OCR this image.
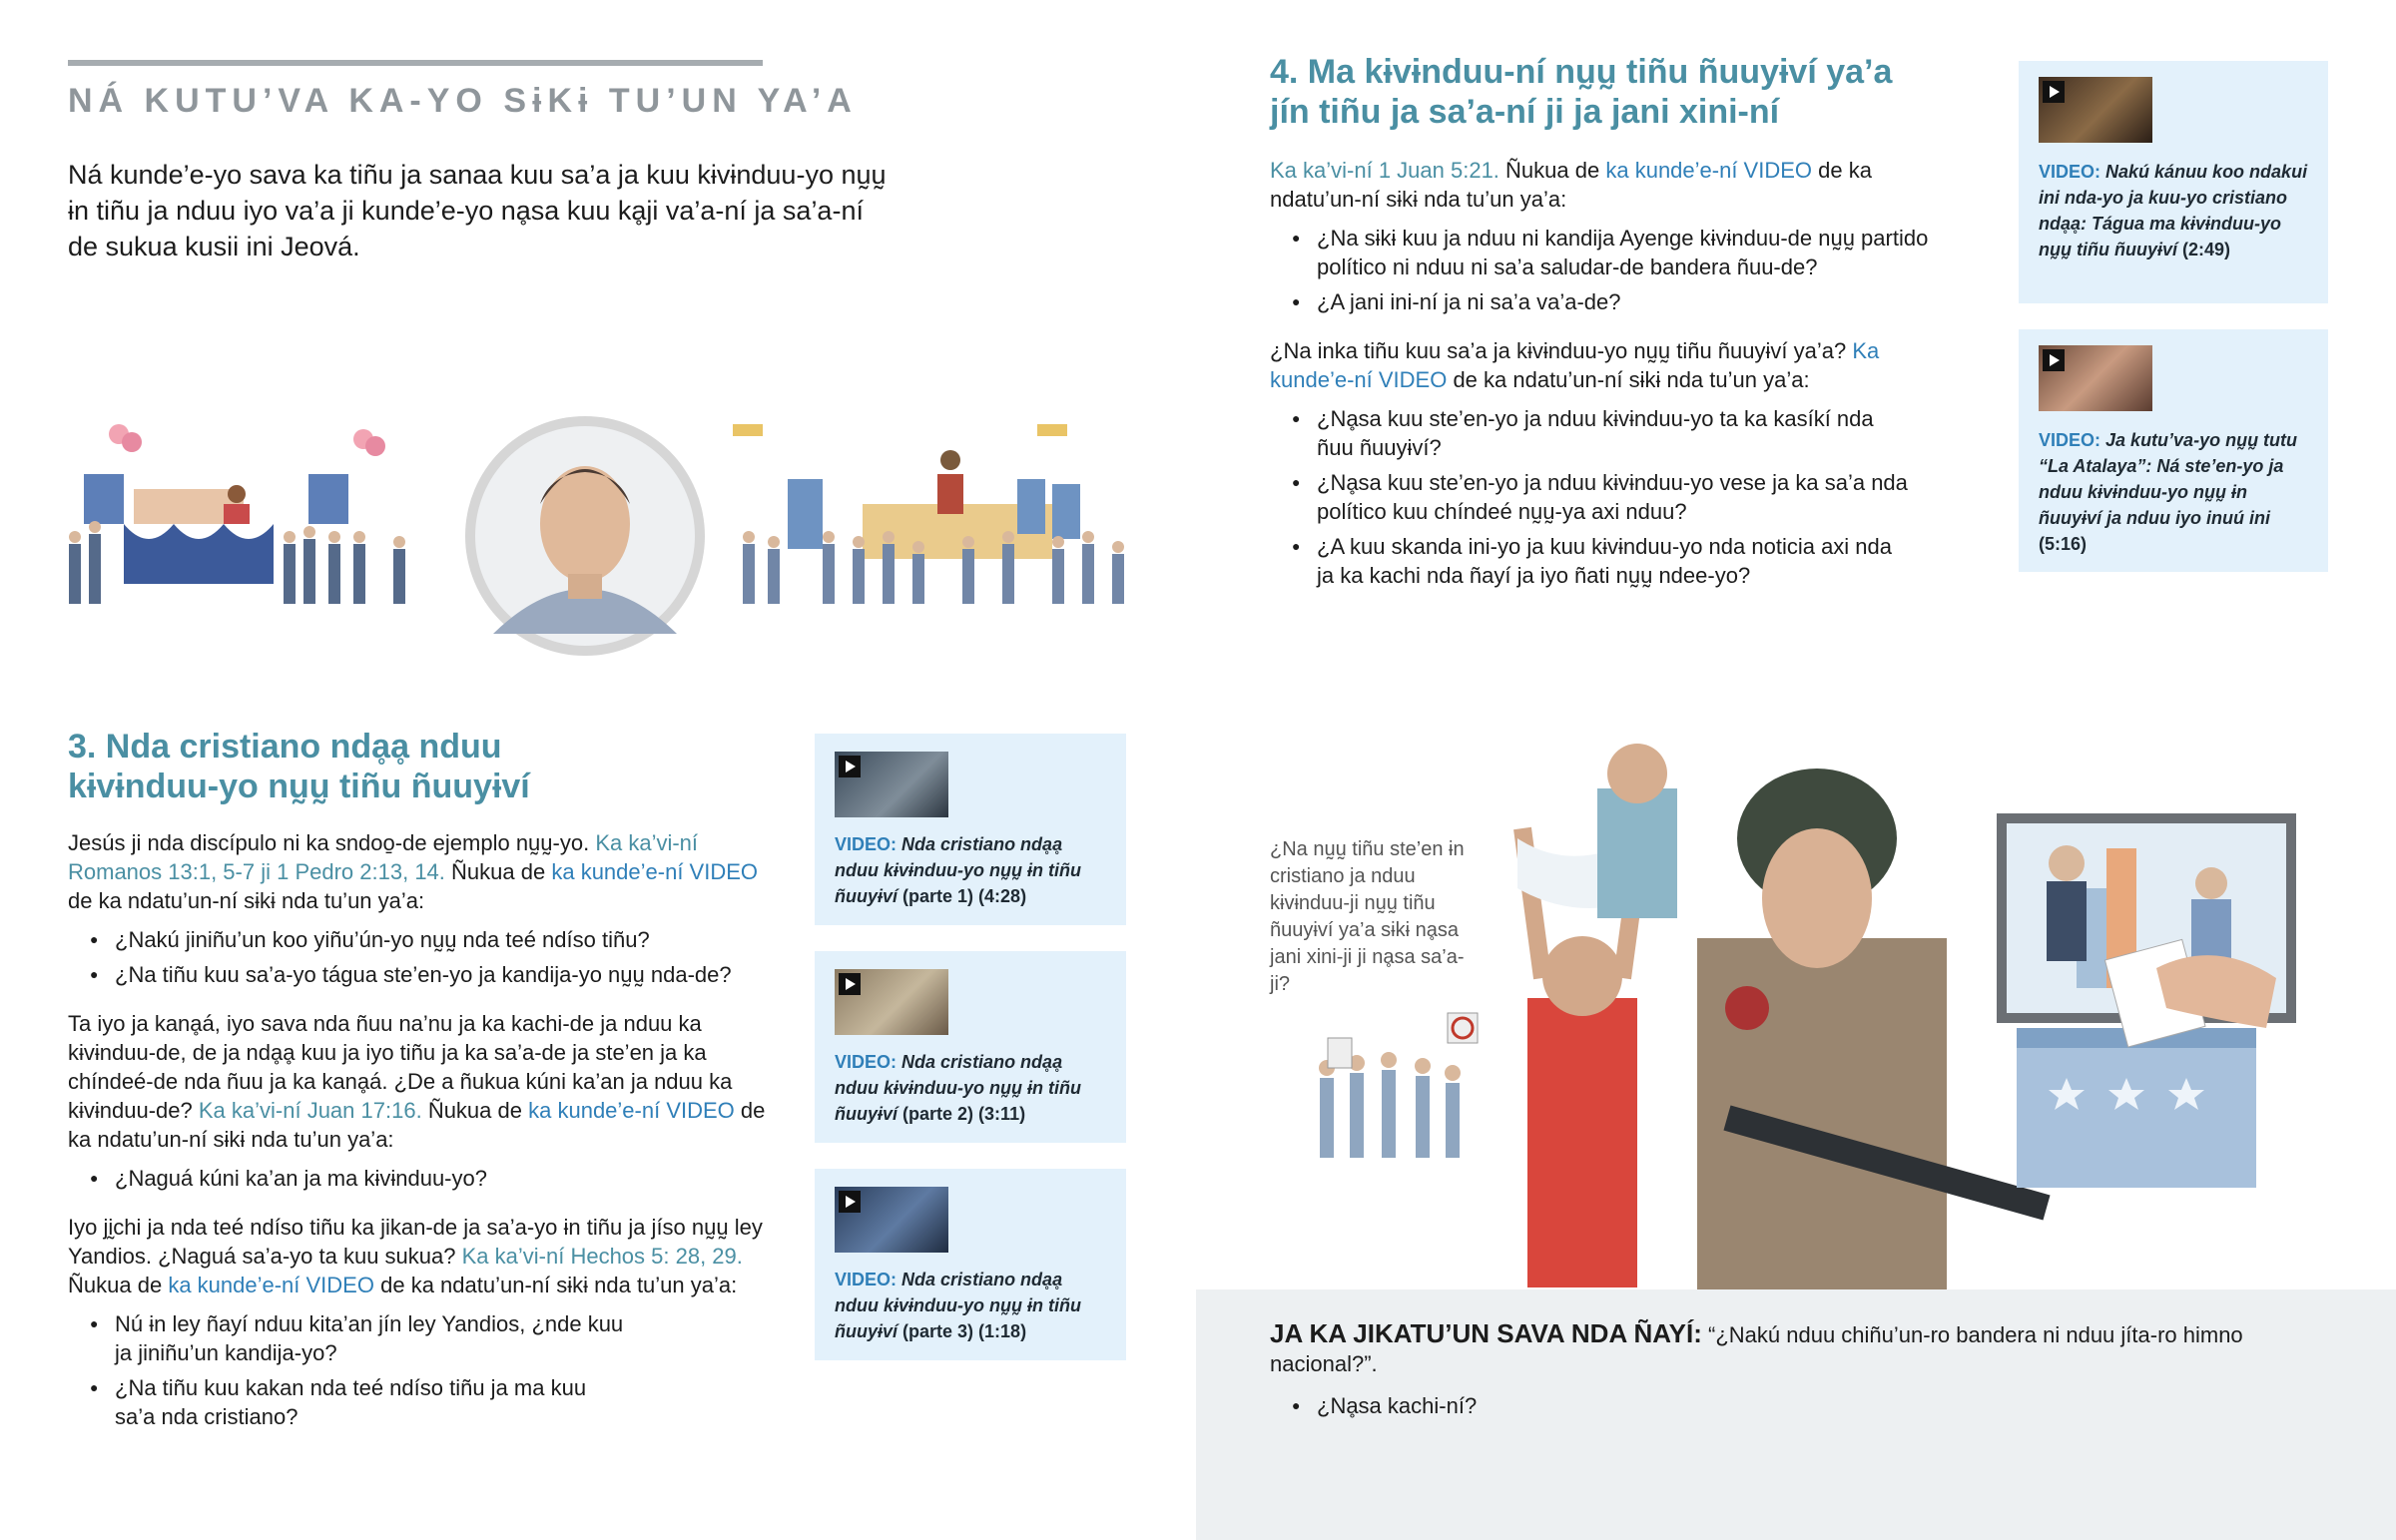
NÁ KUTU’VA KA-YO SɨKɨ TU’UN YA’A
Ná kunde’e-yo sava ka tiñu ja sanaa kuu sa’a ja kuu kɨvɨnduu-yo nṵṵ ɨn tiñu ja nduu iyo va’a ji kunde’e-yo nḁsa kuu kḁji va’a-ní ja sa’a-ní de sukua kusii ini Jeová.
3. Nda cristiano ndḁḁ nduu kɨvɨnduu-yo nṵṵ tiñu ñuuyɨví

Jesús ji nda discípulo ni ka sndoo̱-de ejemplo nṵṵ-yo. Ka ka’vi-ní Romanos 13:1, 5-7 ji 1 Pedro 2:13, 14. Ñukua de ka kunde’e-ní VIDEO de ka ndatu’un-ní sɨkɨ nda tu’un ya’a:

● ¿Nakú jiniñu’un koo yiñu’ún-yo nṵṵ nda teé ndíso tiñu?
● ¿Na tiñu kuu sa’a-yo tágua ste’en-yo ja kandija-yo nṵṵ nda-de?

Ta iyo ja kanḁá, iyo sava nda ñuu na’nu ja ka kachi-de ja nduu ka kɨvɨnduu-de, de ja ndḁḁ kuu ja iyo tiñu ja ka sa’a-de ja ste’en ja ka chíndeé-de nda ñuu ja ka kanḁá. ¿De a ñukua kúni ka’an ja nduu ka kɨvɨnduu-de? Ka ka’vi-ní Juan 17:16. Ñukua de ka kunde’e-ní VIDEO de ka ndatu’un-ní sɨkɨ nda tu’un ya’a:

● ¿Naguá kúni ka’an ja ma kɨvɨnduu-yo?

Iyo jḭchi ja nda teé ndíso tiñu ka jikan-de ja sa’a-yo ɨn tiñu ja jíso nṵṵ ley Yandios. ¿Naguá sa’a-yo ta kuu sukua? Ka ka’vi-ní Hechos 5: 28, 29. Ñukua de ka kunde’e-ní VIDEO de ka ndatu’un-ní sɨkɨ nda tu’un ya’a:

● Nú ɨn ley ñayí nduu kita’an jín ley Yandios, ¿nde kuu ja jiniñu’un kandija-yo?
● ¿Na tiñu kuu kakan nda teé ndíso tiñu ja ma kuu sa’a nda cristiano?
VIDEO: Nda cristiano ndḁḁ nduu kɨvɨnduu-yo nṵṵ ɨn tiñu ñuuyɨví (parte 1) (4:28)
VIDEO: Nda cristiano ndḁḁ nduu kɨvɨnduu-yo nṵṵ ɨn tiñu ñuuyɨví (parte 2) (3:11)
VIDEO: Nda cristiano ndḁḁ nduu kɨvɨnduu-yo nṵṵ ɨn tiñu ñuuyɨví (parte 3) (1:18)
4. Ma kɨvɨnduu-ní nṵṵ tiñu ñuuyɨví ya’a jín tiñu ja sa’a-ní ji ja jani xini-ní

Ka ka’vi-ní 1 Juan 5:21. Ñukua de ka kunde’e-ní VIDEO de ka ndatu’un-ní sɨkɨ nda tu’un ya’a:

● ¿Na sɨkɨ kuu ja nduu ni kandija Ayenge kɨvɨnduu-de nṵṵ partido político ni nduu ni sa’a saludar-de bandera ñuu-de?
● ¿A jani ini-ní ja ni sa’a va’a-de?

¿Na inka tiñu kuu sa’a ja kɨvɨnduu-yo nṵṵ tiñu ñuuyɨví ya’a? Ka kunde’e-ní VIDEO de ka ndatu’un-ní sɨkɨ nda tu’un ya’a:

● ¿Nḁsa kuu ste’en-yo ja nduu kɨvɨnduu-yo ta ka kasíkí nda ñuu ñuuyɨví?
● ¿Nḁsa kuu ste’en-yo ja nduu kɨvɨnduu-yo vese ja ka sa’a nda político kuu chíndeé nṵṵ-ya axi nduu?
● ¿A kuu skanda ini-yo ja kuu kɨvɨnduu-yo nda noticia axi nda ja ka kachi nda ñayí ja iyo ñati nṵṵ ndee-yo?
VIDEO: Nakú kánuu koo ndakui ini nda-yo ja kuu-yo cristiano ndḁḁ: Tágua ma kɨvɨnduu-yo nṵṵ tiñu ñuuyɨví (2:49)
VIDEO: Ja kutu’va-yo nṵṵ tutu “La Atalaya”: Ná ste’en-yo ja nduu kɨvɨnduu-yo nṵṵ ɨn ñuuyɨví ja nduu iyo inuú ini (5:16)
¿Na nṵṵ tiñu ste’en ɨn cristiano ja nduu kɨvɨnduu-ji nṵṵ tiñu ñuuyɨví ya’a sɨkɨ nḁsa jani xini-ji ji nḁsa sa’a-ji?
JA KA JIKATU’UN SAVA NDA ÑAYÍ: “¿Nakú nduu chiñu’un-ro bandera ni nduu jíta-ro himno nacional?”.
● ¿Nḁsa kachi-ní?
